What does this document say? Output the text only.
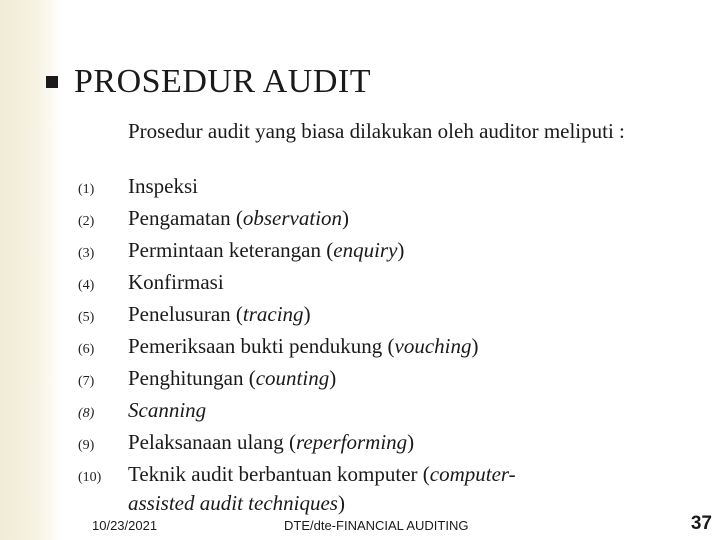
PROSEDUR AUDIT
Prosedur audit yang biasa dilakukan oleh auditor meliputi :
(1)	Inspeksi
(2)	Pengamatan (observation)
(3)	Permintaan keterangan (enquiry)
(4)	Konfirmasi
(5)	Penelusuran (tracing)
(6)	Pemeriksaan bukti pendukung (vouching)
(7)	Penghitungan (counting)
(8)	Scanning
(9)	Pelaksanaan ulang (reperforming)
(10)	Teknik audit berbantuan komputer (computer-assisted audit techniques)
10/23/2021	DTE/dte-FINANCIAL AUDITING	37
